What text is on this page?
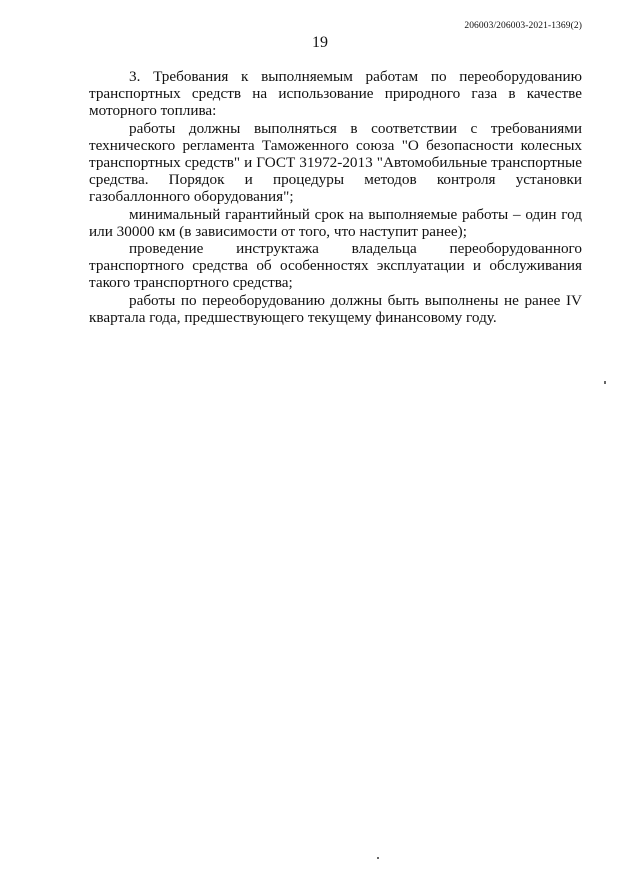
206003/206003-2021-1369(2)
19

3. Требования к выполняемым работам по переоборудованию транспортных средств на использование природного газа в качестве моторного топлива:

работы должны выполняться в соответствии с требованиями технического регламента Таможенного союза "О безопасности колесных транспортных средств" и ГОСТ 31972-2013 "Автомобильные транспортные средства. Порядок и процедуры методов контроля установки газобаллонного оборудования";

минимальный гарантийный срок на выполняемые работы – один год или 30000 км (в зависимости от того, что наступит ранее);

проведение инструктажа владельца переоборудованного транспортного средства об особенностях эксплуатации и обслуживания такого транспортного средства;

работы по переоборудованию должны быть выполнены не ранее IV квартала года, предшествующего текущему финансовому году.
